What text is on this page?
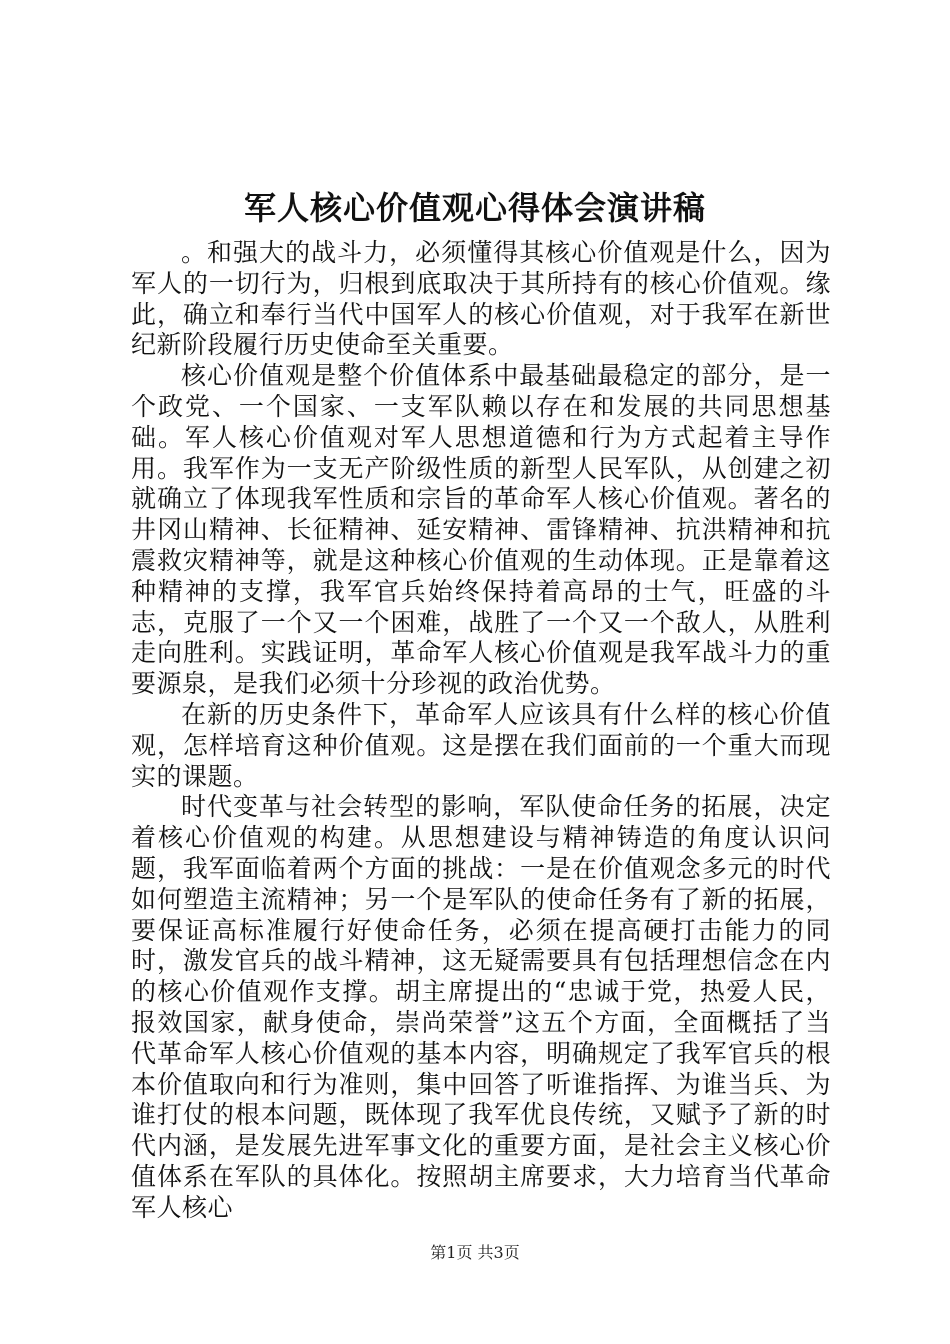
军人核心价值观心得体会演讲稿

。和强大的战斗力，必须懂得其核心价值观是什么，因为军人的一切行为，归根到底取决于其所持有的核心价值观。缘此，确立和奉行当代中国军人的核心价值观，对于我军在新世纪新阶段履行历史使命至关重要。

核心价值观是整个价值体系中最基础最稳定的部分，是一个政党、一个国家、一支军队赖以存在和发展的共同思想基础。军人核心价值观对军人思想道德和行为方式起着主导作用。我军作为一支无产阶级性质的新型人民军队，从创建之初就确立了体现我军性质和宗旨的革命军人核心价值观。著名的井冈山精神、长征精神、延安精神、雷锋精神、抗洪精神和抗震救灾精神等，就是这种核心价值观的生动体现。正是靠着这种精神的支撑，我军官兵始终保持着高昂的士气，旺盛的斗志，克服了一个又一个困难，战胜了一个又一个敌人，从胜利走向胜利。实践证明，革命军人核心价值观是我军战斗力的重要源泉，是我们必须十分珍视的政治优势。

在新的历史条件下，革命军人应该具有什么样的核心价值观，怎样培育这种价值观。这是摆在我们面前的一个重大而现实的课题。

时代变革与社会转型的影响，军队使命任务的拓展，决定着核心价值观的构建。从思想建设与精神铸造的角度认识问题，我军面临着两个方面的挑战：一是在价值观念多元的时代如何塑造主流精神；另一个是军队的使命任务有了新的拓展，要保证高标准履行好使命任务，必须在提高硬打击能力的同时，激发官兵的战斗精神，这无疑需要具有包括理想信念在内的核心价值观作支撑。胡主席提出的“忠诚于党，热爱人民，报效国家，献身使命，崇尚荣誉”这五个方面，全面概括了当代革命军人核心价值观的基本内容，明确规定了我军官兵的根本价值取向和行为准则，集中回答了听谁指挥、为谁当兵、为谁打仗的根本问题，既体现了我军优良传统，又赋予了新的时代内涵，是发展先进军事文化的重要方面，是社会主义核心价值体系在军队的具体化。按照胡主席要求，大力培育当代革命军人核心

第1页 共3页
